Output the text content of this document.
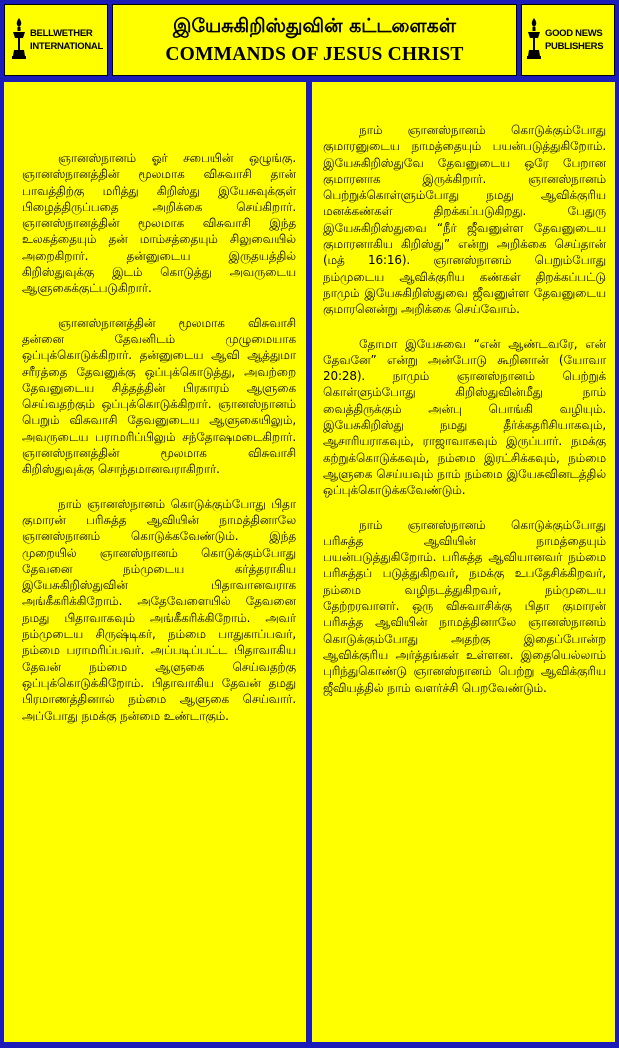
BELLWETHER
INTERNATIONAL
இயேசுகிறிஸ்துவின் கட்டளைகள்
COMMANDS OF JESUS CHRIST
GOOD NEWS
PUBLISHERS

ஞானஸ்நானம் ஓர் சபையின் ஒழுங்கு. ஞானஸ்நானத்தின் மூலமாக விசுவாசி தான் பாவத்திற்கு மரித்து கிறிஸ்து இயேசுவுக்குள் பிழைத்திருப்பதை அறிக்கை செய்கிறார். ஞானஸ்நானத்தின் மூலமாக விசுவாசி இந்த உலகத்தையும் தன் மாம்சத்தையும் சிலுவையில் அறைகிறார். தன்னுடைய இருதயத்தில் கிறிஸ்துவுக்கு இடம் கொடுத்து அவருடைய ஆளுகைக்குட்படுகிறார்.

ஞானஸ்நானத்தின் மூலமாக விசுவாசி தன்னை தேவனிடம் முழுமையாக ஒப்புக்கொடுக்கிறார். தன்னுடைய ஆவி ஆத்துமா சரீரத்தை தேவனுக்கு ஒப்புக்கொடுத்து, அவற்றை தேவனுடைய சித்தத்தின் பிரகாரம் ஆளுகை செய்வதற்கும் ஒப்புக்கொடுக்கிறார். ஞானஸ்நானம் பெறும் விசுவாசி தேவனுடைய ஆளுகையிலும், அவருடைய பராமரிப்பிலும் சந்தோஷமடைகிறார். ஞானஸ்நானத்தின் மூலமாக விசுவாசி கிறிஸ்துவுக்கு சொந்தமானவராகிறார்.

நாம் ஞானஸ்நானம் கொடுக்கும்போது பிதா குமாரன் பரிசுத்த ஆவியின் நாமத்தினாலே ஞானஸ்நானம் கொடுக்கவேண்டும். இந்த முறையில் ஞானஸ்நானம் கொடுக்கும்போது தேவனை நம்முடைய கர்த்தராகிய இயேசுகிறிஸ்துவின் பிதாவானவராக அங்கீகரிக்கிறோம். அதேவேளையில் தேவனை நமது பிதாவாகவும் அங்கீகரிக்கிறோம். அவர் நம்முடைய சிருஷ்டிகர், நம்மை பாதுகாப்பவர், நம்மை பராமரிப்பவர். அப்படிப்பட்ட பிதாவாகிய தேவன் நம்மை ஆளுகை செய்வதற்கு ஒப்புக்கொடுக்கிறோம். பிதாவாகிய தேவன் தமது பிரமாணத்தினால் நம்மை ஆளுகை செய்வார். அப்போது நமக்கு நன்மை உண்டாகும்.

நாம் ஞானஸ்நானம் கொடுக்கும்போது குமாரனுடைய நாமத்தையும் பயன்படுத்துகிறோம். இயேசுகிறிஸ்துவே தேவனுடைய ஒரே பேறான குமாரனாக இருக்கிறார். ஞானஸ்நானம் பெற்றுக்கொள்ளும்போது நமது ஆவிக்குரிய மனக்கண்கள் திறக்கப்படுகிறது. பேதுரு இயேசுகிறிஸ்துவை “நீர் ஜீவனுள்ள தேவனுடைய குமாரனாகிய கிறிஸ்து” என்று அறிக்கை செய்தான் (மத் 16:16). ஞானஸ்நானம் பெறும்போது நம்முடைய ஆவிக்குரிய கண்கள் திறக்கப்பட்டு நாமும் இயேசுகிறிஸ்துவை ஜீவனுள்ள தேவனுடைய குமாரனென்று அறிக்கை செய்வோம்.

தோமா இயேசுவை “என் ஆண்டவரே, என் தேவனே” என்று அன்போடு கூறினான் (யோவா 20:28). நாமும் ஞானஸ்நானம் பெற்றுக் கொள்ளும்போது கிறிஸ்துவின்மீது நாம் வைத்திருக்கும் அன்பு பொங்கி வழியும். இயேசுகிறிஸ்து நமது தீர்க்கதரிசியாகவும், ஆசாரியராகவும், ராஜாவாகவும் இருப்பார். நமக்கு கற்றுக்கொடுக்கவும், நம்மை இரட்சிக்கவும், நம்மை ஆளுகை செய்யவும் நாம் நம்மை இயேசுவினடத்தில் ஒப்புக்கொடுக்கவேண்டும்.

நாம் ஞானஸ்நானம் கொடுக்கும்போது பரிசுத்த ஆவியின் நாமத்தையும் பயன்படுத்துகிறோம். பரிசுத்த ஆவியானவர் நம்மை பரிசுத்தப் படுத்துகிறவர், நமக்கு உபதேசிக்கிறவர், நம்மை வழிநடத்துகிறவர், நம்முடைய தேற்றரவாளர். ஒரு விசுவாசிக்கு பிதா குமாரன் பரிசுத்த ஆவியின் நாமத்தினாலே ஞானஸ்நானம் கொடுக்கும்போது அதற்கு இதைப்போன்ற ஆவிக்குரிய அர்த்தங்கள் உள்ளன. இதையெல்லாம் புரிந்துகொண்டு ஞானஸ்நானம் பெற்று ஆவிக்குரிய ஜீவியத்தில் நாம் வளர்ச்சி பெறவேண்டும்.
